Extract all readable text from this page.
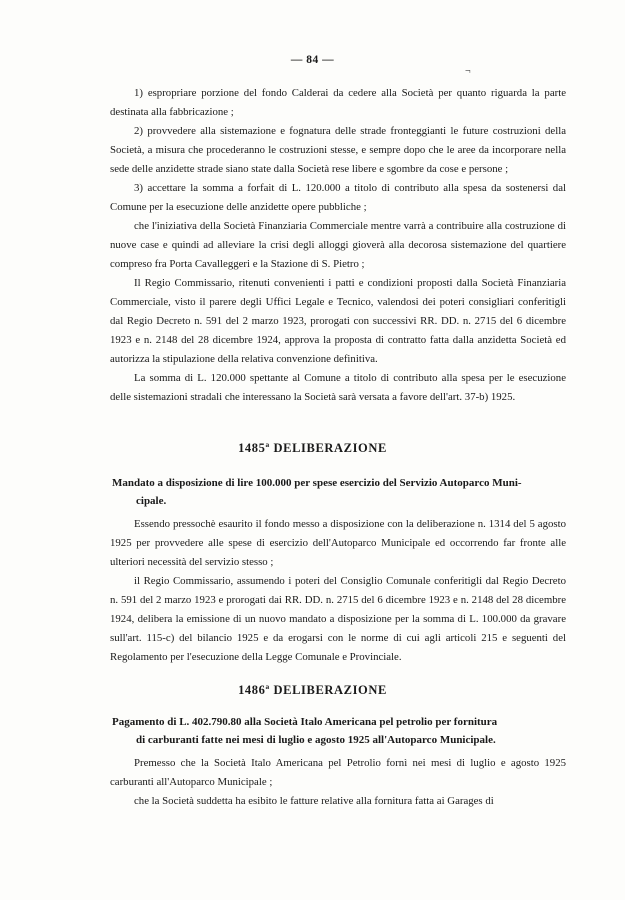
— 84 —
¬

1) espropriare porzione del fondo Calderai da cedere alla Società per quanto riguarda la parte destinata alla fabbricazione ;

2) provvedere alla sistemazione e fognatura delle strade fronteggianti le future costruzioni della Società, a misura che procederanno le costruzioni stesse, e sempre dopo che le aree da incorporare nella sede delle anzidette strade siano state dalla Società rese libere e sgombre da cose e persone ;

3) accettare la somma a forfait di L. 120.000 a titolo di contributo alla spesa da sostenersi dal Comune per la esecuzione delle anzidette opere pubbliche ;

che l'iniziativa della Società Finanziaria Commerciale mentre varrà a contribuire alla costruzione di nuove case e quindi ad alleviare la crisi degli alloggi gioverà alla decorosa sistemazione del quartiere compreso fra Porta Cavalleggeri e la Stazione di S. Pietro ;

Il Regio Commissario, ritenuti convenienti i patti e condizioni proposti dalla Società Finanziaria Commerciale, visto il parere degli Uffici Legale e Tecnico, valendosi dei poteri consigliari conferitigli dal Regio Decreto n. 591 del 2 marzo 1923, prorogati con successivi RR. DD. n. 2715 del 6 dicembre 1923 e n. 2148 del 28 dicembre 1924, approva la proposta di contratto fatta dalla anzidetta Società ed autorizza la stipulazione della relativa convenzione definitiva.

La somma di L. 120.000 spettante al Comune a titolo di contributo alla spesa per le esecuzione delle sistemazioni stradali che interessano la Società sarà versata a favore dell'art. 37-b) 1925.

1485ª DELIBERAZIONE
Mandato a disposizione di lire 100.000 per spese esercizio del Servizio Autoparco Muni-
cipale.

Essendo pressochè esaurito il fondo messo a disposizione con la deliberazione n. 1314 del 5 agosto 1925 per provvedere alle spese di esercizio dell'Autoparco Municipale ed occorrendo far fronte alle ulteriori necessità del servizio stesso ;

il Regio Commissario, assumendo i poteri del Consiglio Comunale conferitigli dal Regio Decreto n. 591 del 2 marzo 1923 e prorogati dai RR. DD. n. 2715 del 6 dicembre 1923 e n. 2148 del 28 dicembre 1924, delibera la emissione di un nuovo mandato a disposizione per la somma di L. 100.000 da gravare sull'art. 115-c) del bilancio 1925 e da erogarsi con le norme di cui agli articoli 215 e seguenti del Regolamento per l'esecuzione della Legge Comunale e Provinciale.

1486ª DELIBERAZIONE
Pagamento di L. 402.790.80 alla Società Italo Americana pel petrolio per fornitura
di carburanti fatte nei mesi di luglio e agosto 1925 all'Autoparco Municipale.

Premesso che la Società Italo Americana pel Petrolio fornì nei mesi di luglio e agosto 1925 carburanti all'Autoparco Municipale ;

che la Società suddetta ha esibito le fatture relative alla fornitura fatta ai Garages di
